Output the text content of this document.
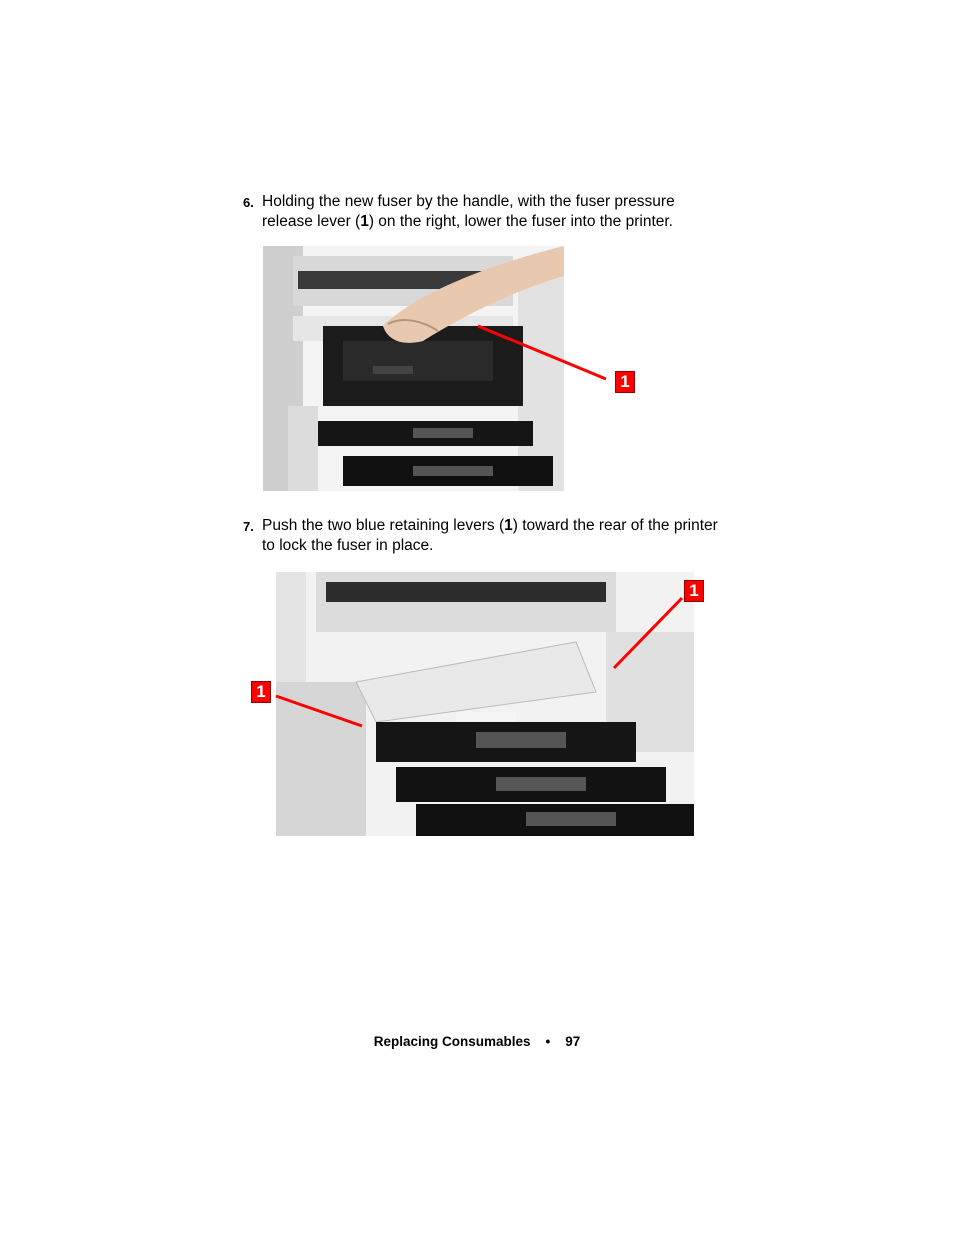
6. Holding the new fuser by the handle, with the fuser pressure release lever (1) on the right, lower the fuser into the printer.
1
7. Push the two blue retaining levers (1) toward the rear of the printer to lock the fuser in place.
1
1
Replacing Consumables • 97
